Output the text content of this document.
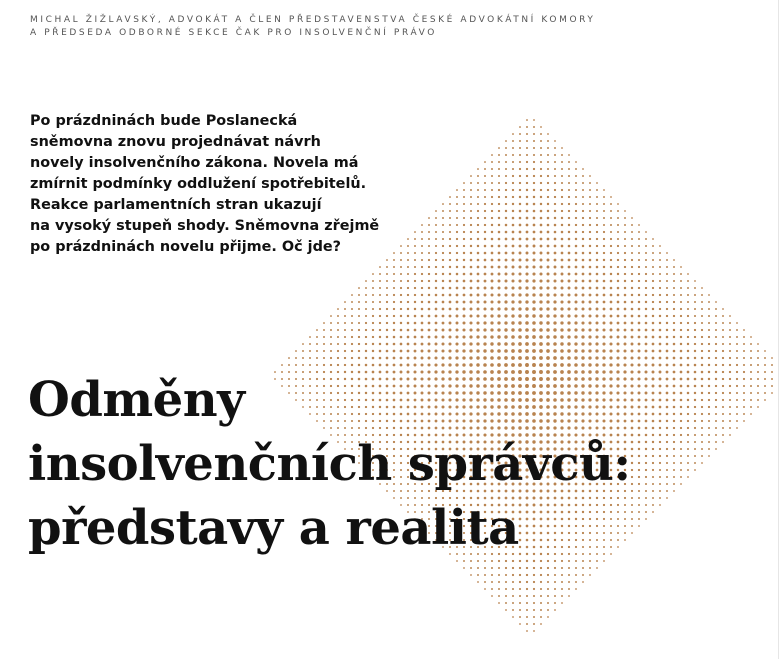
MICHAL ŽIŽLAVSKÝ, ADVOKÁT A ČLEN PŘEDSTAVENSTVA ČESKÉ ADVOKÁTNÍ KOMORY
A PŘEDSEDA ODBORNÉ SEKCE ČAK PRO INSOLVENČNÍ PRÁVO
Po prázdninách bude Poslanecká
sněmovna znovu projednávat návrh
novely insolvenčního zákona. Novela má
zmírnit podmínky oddlužení spotřebitelů.
Reakce parlamentních stran ukazují
na vysoký stupeň shody. Sněmovna zřejmě
po prázdninách novelu přijme. Oč jde?
Odměny
insolvenčních správců:
představy a realita
